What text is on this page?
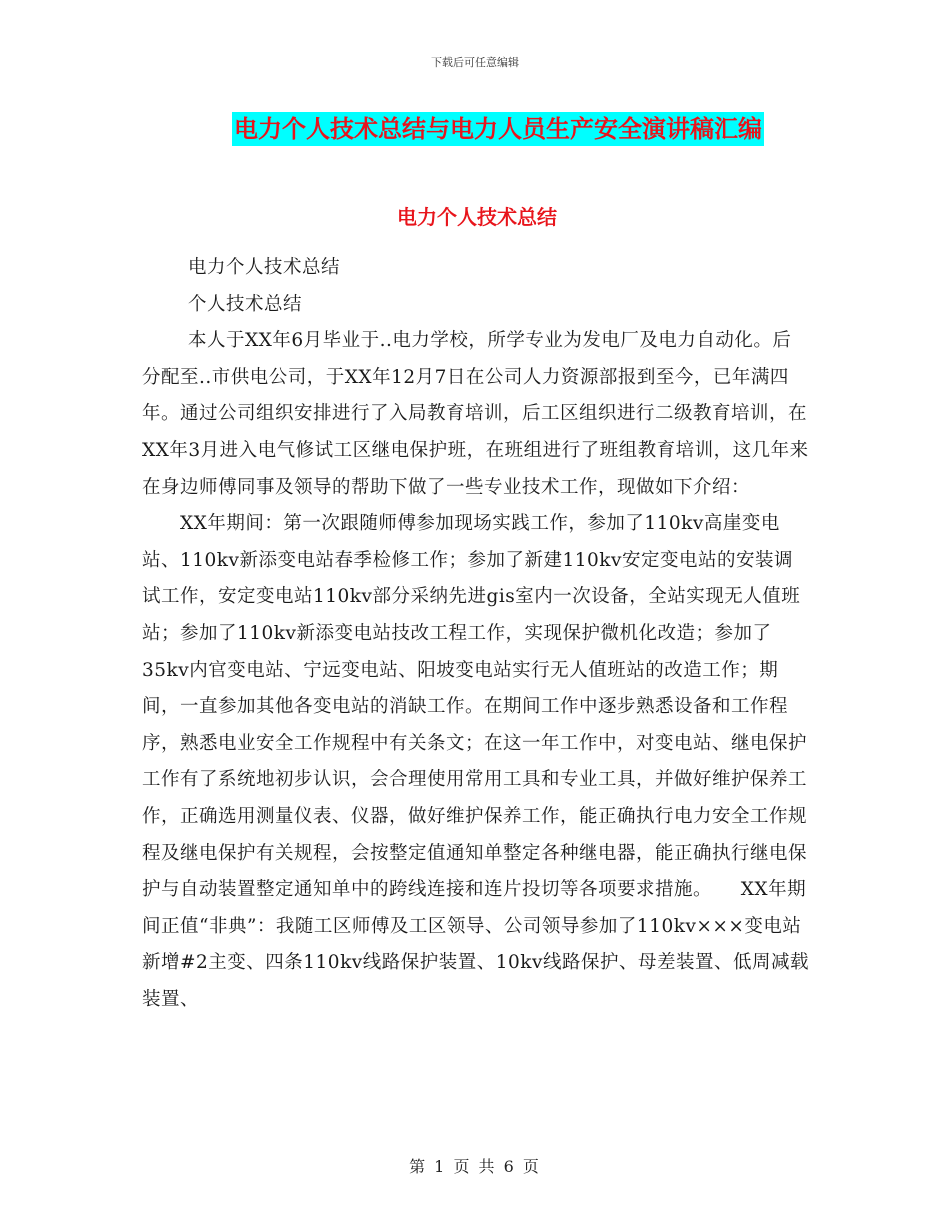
下载后可任意编辑
电力个人技术总结与电力人员生产安全演讲稿汇编
电力个人技术总结

电力个人技术总结

个人技术总结

本人于XX年6月毕业于..电力学校，所学专业为发电厂及电力自动化。后分配至..市供电公司，于XX年12月7日在公司人力资源部报到至今，已年满四年。通过公司组织安排进行了入局教育培训，后工区组织进行二级教育培训，在XX年3月进入电气修试工区继电保护班，在班组进行了班组教育培训，这几年来在身边师傅同事及领导的帮助下做了一些专业技术工作，现做如下介绍：

XX年期间：第一次跟随师傅参加现场实践工作，参加了110kv高崖变电站、110kv新添变电站春季检修工作；参加了新建110kv安定变电站的安装调试工作，安定变电站110kv部分采纳先进gis室内一次设备，全站实现无人值班站；参加了110kv新添变电站技改工程工作，实现保护微机化改造；参加了35kv内官变电站、宁远变电站、阳坡变电站实行无人值班站的改造工作；期间，一直参加其他各变电站的消缺工作。在期间工作中逐步熟悉设备和工作程序，熟悉电业安全工作规程中有关条文；在这一年工作中，对变电站、继电保护工作有了系统地初步认识，会合理使用常用工具和专业工具，并做好维护保养工作，正确选用测量仪表、仪器，做好维护保养工作，能正确执行电力安全工作规程及继电保护有关规程，会按整定值通知单整定各种继电器，能正确执行继电保护与自动装置整定通知单中的跨线连接和连片投切等各项要求措施。　　XX年期间正值“非典”：我随工区师傅及工区领导、公司领导参加了110kv×××变电站新增#2主变、四条110kv线路保护装置、10kv线路保护、母差装置、低周减载装置、

第 1 页 共 6 页
